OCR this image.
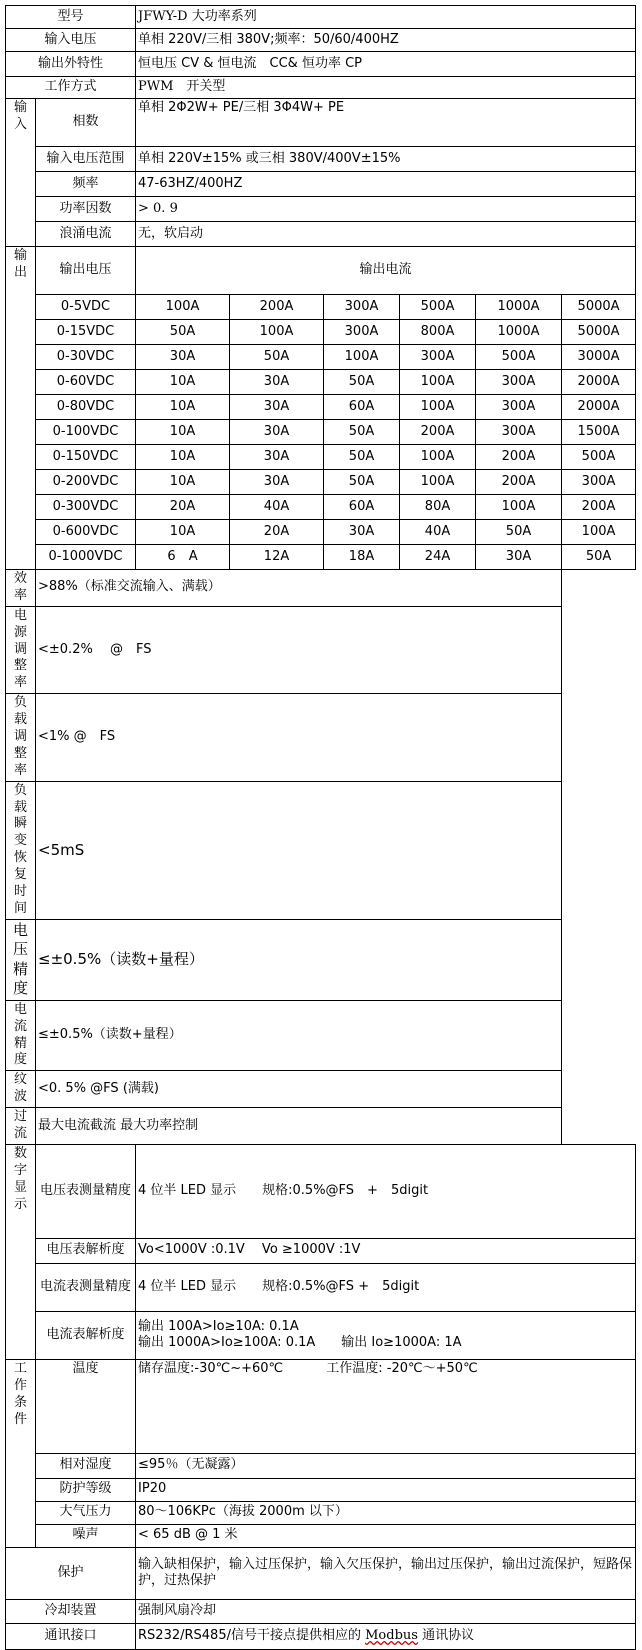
型号		JFWY-D 大功率系列					
输入电压		单相 220V/三相 380V;频率：50/60/400HZ					
输出外特性		恒电压 CV & 恒电流　CC& 恒功率 CP					
工作方式		PWM　开关型					
输入	相数	单相 2Φ2W+ PE/三相 3Φ4W+ PE					
	输入电压范围	单相 220V±15% 或三相 380V/400V±15%					
	频率	47-63HZ/400HZ					
	功率因数	> 0. 9					
	浪涌电流	无，软启动					
输出	输出电压	输出电流					
	0-5VDC	100A	200A	300A	500A	1000A	5000A
	0-15VDC	50A	100A	300A	800A	1000A	5000A
	0-30VDC	30A	50A	100A	300A	500A	3000A
	0-60VDC	10A	30A	50A	100A	300A	2000A
	0-80VDC	10A	30A	60A	100A	300A	2000A
	0-100VDC	10A	30A	50A	200A	300A	1500A
	0-150VDC	10A	30A	50A	100A	200A	500A
	0-200VDC	10A	30A	50A	100A	200A	300A
	0-300VDC	20A	40A	60A	80A	100A	200A
	0-600VDC	10A	20A	30A	40A	50A	100A
	0-1000VDC	6　A	12A	18A	24A	30A	50A
效率	>88%（标准交流输入、满载）						
电源调整率	<±0.2%　 @　FS						
负载调整率	<1% @　FS						
负载瞬变恢复时间	<5mS						
电压精度	≤±0.5%（读数+量程）						
电流精度	≤±0.5%（读数+量程）						
纹波	<0. 5% @FS (满载)						
过流	最大电流截流 最大功率控制						
数字显示	电压表测量精度	4 位半 LED 显示　　规格:0.5%@FS　+　5digit					
	电压表解析度	Vo<1000V :0.1V　 Vo ≥1000V :1V					
	电流表测量精度	4 位半 LED 显示　　规格:0.5%@FS +　5digit					
	电流表解析度	输出 100A>Io≥10A: 0.1A
输出 1000A>Io≥100A: 0.1A　　输出 Io≥1000A: 1A					

工作条件	温度	储存温度:-30℃~+60℃　　　 工作温度: -20℃～+50℃					
	相对湿度	≤95％（无凝露）					
	防护等级	IP20					
	大气压力	80～106KPc（海拔 2000m 以下）					
	噪声	< 65 dB @ 1 米					
保护		输入缺相保护，输入过压保护，输入欠压保护，输出过压保护，输出过流保护，短路保护，过热保护					
冷却装置		强制风扇冷却					
通讯接口		RS232/RS485/信号干接点提供相应的 Modbus 通讯协议					
